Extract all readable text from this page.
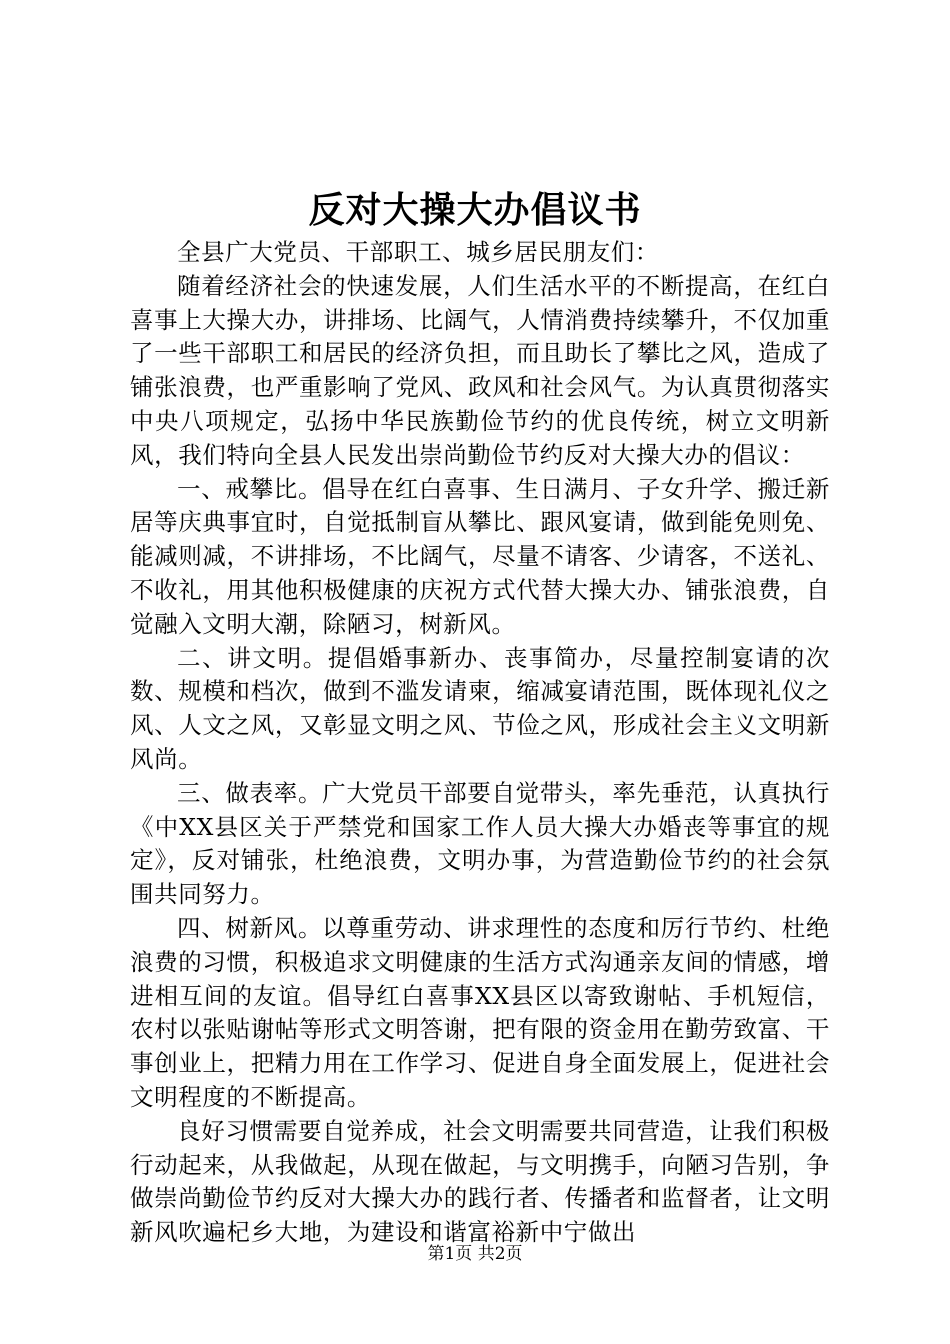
反对大操大办倡议书

全县广大党员、干部职工、城乡居民朋友们：

随着经济社会的快速发展，人们生活水平的不断提高，在红白喜事上大操大办，讲排场、比阔气，人情消费持续攀升，不仅加重了一些干部职工和居民的经济负担，而且助长了攀比之风，造成了铺张浪费，也严重影响了党风、政风和社会风气。为认真贯彻落实中央八项规定，弘扬中华民族勤俭节约的优良传统，树立文明新风，我们特向全县人民发出崇尚勤俭节约反对大操大办的倡议：

一、戒攀比。倡导在红白喜事、生日满月、子女升学、搬迁新居等庆典事宜时，自觉抵制盲从攀比、跟风宴请，做到能免则免、能减则减，不讲排场，不比阔气，尽量不请客、少请客，不送礼、不收礼，用其他积极健康的庆祝方式代替大操大办、铺张浪费，自觉融入文明大潮，除陋习，树新风。

二、讲文明。提倡婚事新办、丧事简办，尽量控制宴请的次数、规模和档次，做到不滥发请柬，缩减宴请范围，既体现礼仪之风、人文之风，又彰显文明之风、节俭之风，形成社会主义文明新风尚。

三、做表率。广大党员干部要自觉带头，率先垂范，认真执行《中XX县区关于严禁党和国家工作人员大操大办婚丧等事宜的规定》，反对铺张，杜绝浪费，文明办事，为营造勤俭节约的社会氛围共同努力。

四、树新风。以尊重劳动、讲求理性的态度和厉行节约、杜绝浪费的习惯，积极追求文明健康的生活方式沟通亲友间的情感，增进相互间的友谊。倡导红白喜事XX县区以寄致谢帖、手机短信，农村以张贴谢帖等形式文明答谢，把有限的资金用在勤劳致富、干事创业上，把精力用在工作学习、促进自身全面发展上，促进社会文明程度的不断提高。

良好习惯需要自觉养成，社会文明需要共同营造，让我们积极行动起来，从我做起，从现在做起，与文明携手，向陋习告别，争做崇尚勤俭节约反对大操大办的践行者、传播者和监督者，让文明新风吹遍杞乡大地，为建设和谐富裕新中宁做出

第1页 共2页
